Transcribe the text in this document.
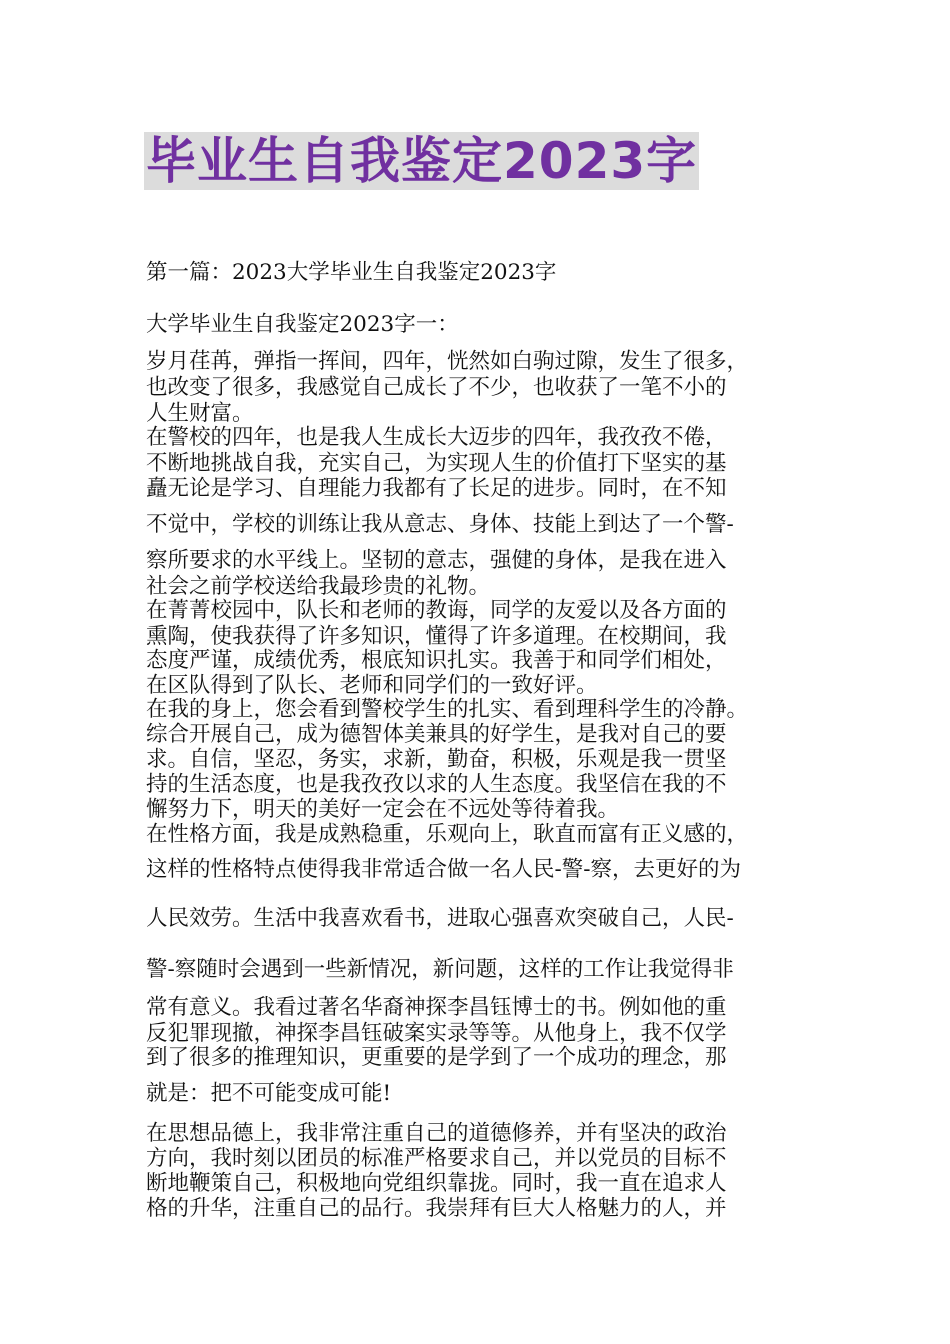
毕业生自我鉴定2023字
第一篇：2023大学毕业生自我鉴定2023字
大学毕业生自我鉴定2023字一：
岁月荏苒，弹指一挥间，四年，恍然如白驹过隙，发生了很多，
也改变了很多，我感觉自己成长了不少，也收获了一笔不小的
人生财富。
在警校的四年，也是我人生成长大迈步的四年，我孜孜不倦，
不断地挑战自我，充实自己，为实现人生的价值打下坚实的基
矗无论是学习、自理能力我都有了长足的进步。同时，在不知
不觉中，学校的训练让我从意志、身体、技能上到达了一个警-
察所要求的水平线上。坚韧的意志，强健的身体，是我在进入
社会之前学校送给我最珍贵的礼物。
在菁菁校园中，队长和老师的教诲，同学的友爱以及各方面的
熏陶，使我获得了许多知识，懂得了许多道理。在校期间，我
态度严谨，成绩优秀，根底知识扎实。我善于和同学们相处，
在区队得到了队长、老师和同学们的一致好评。
在我的身上，您会看到警校学生的扎实、看到理科学生的冷静。
综合开展自己，成为德智体美兼具的好学生，是我对自己的要
求。自信，坚忍，务实，求新，勤奋，积极，乐观是我一贯坚
持的生活态度，也是我孜孜以求的人生态度。我坚信在我的不
懈努力下，明天的美好一定会在不远处等待着我。
在性格方面，我是成熟稳重，乐观向上，耿直而富有正义感的，
这样的性格特点使得我非常适合做一名人民-警-察，去更好的为
人民效劳。生活中我喜欢看书，进取心强喜欢突破自己，人民-
警-察随时会遇到一些新情况，新问题，这样的工作让我觉得非
常有意义。我看过著名华裔神探李昌钰博士的书。例如他的重
反犯罪现撤，神探李昌钰破案实录等等。从他身上，我不仅学
到了很多的推理知识，更重要的是学到了一个成功的理念，那
就是：把不可能变成可能!
在思想品德上，我非常注重自己的道德修养，并有坚决的政治
方向，我时刻以团员的标准严格要求自己，并以党员的目标不
断地鞭策自己，积极地向党组织靠拢。同时，我一直在追求人
格的升华，注重自己的品行。我崇拜有巨大人格魅力的人，并
